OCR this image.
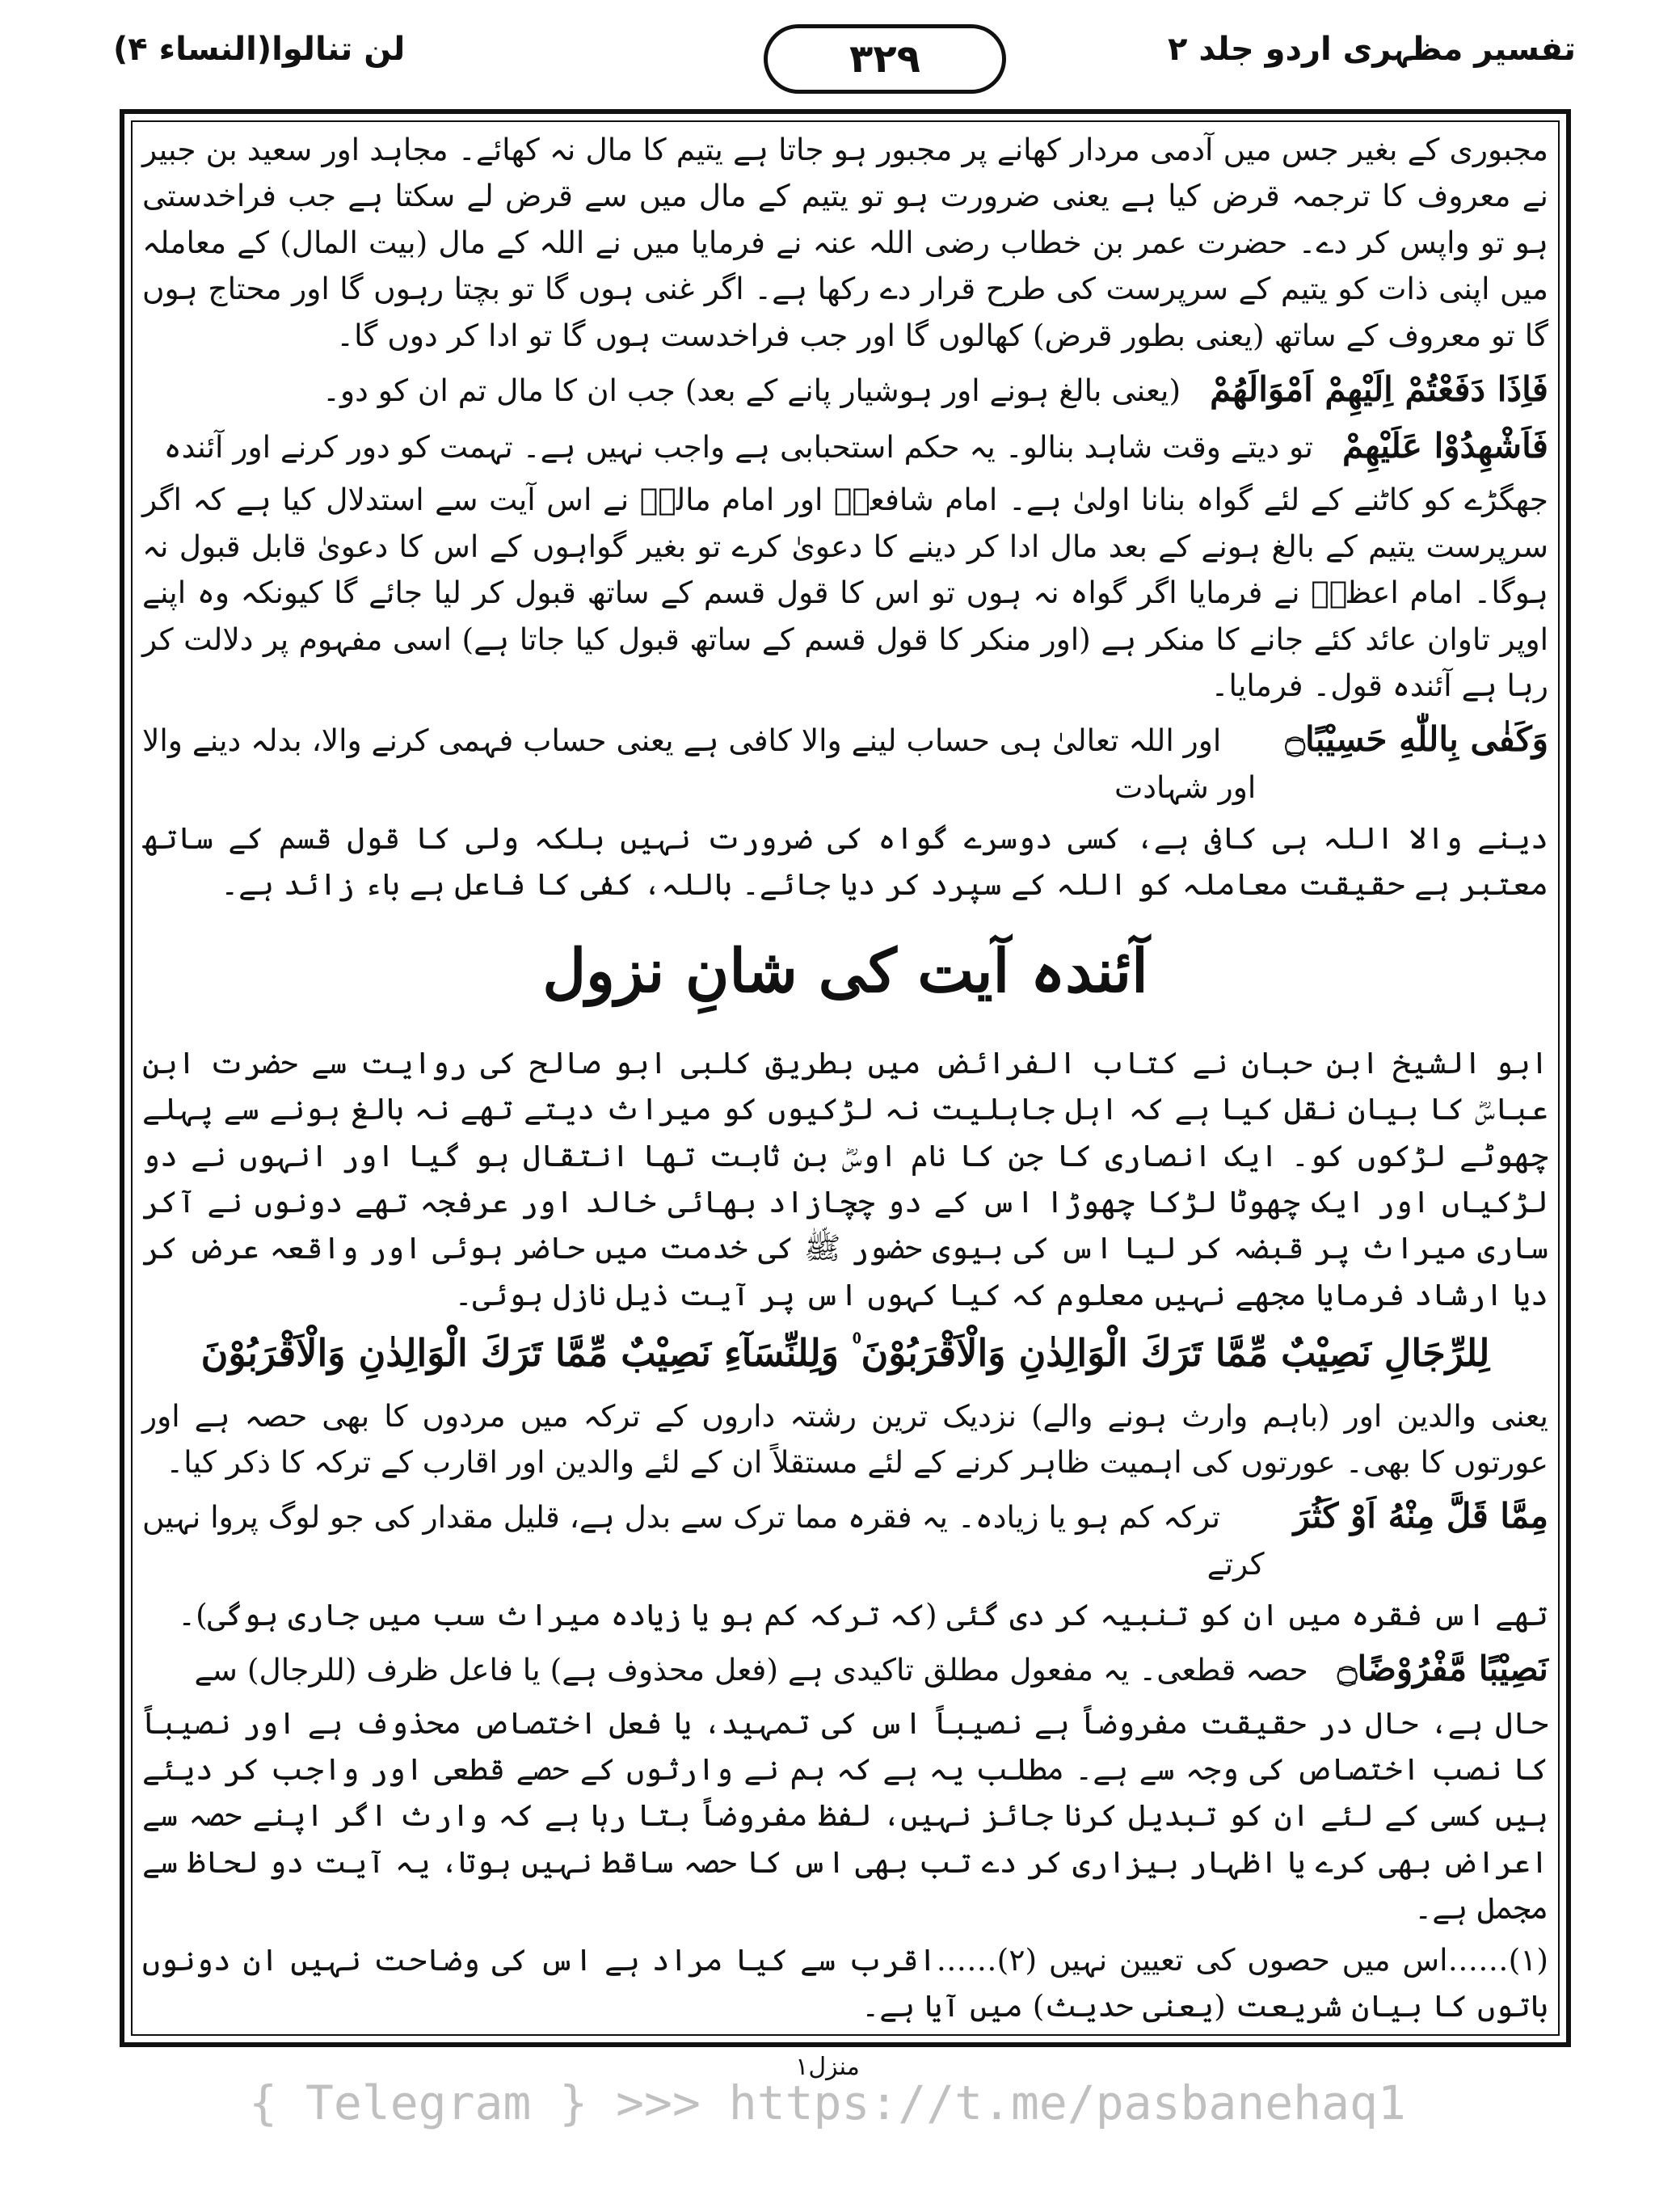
تفسیر مظہری اردو جلد ۲
۳۲۹
لن تنالوا(النساء ۴)

مجبوری کے بغیر جس میں آدمی مردار کھانے پر مجبور ہو جاتا ہے یتیم کا مال نہ کھائے۔ مجاہد اور سعید بن جبیر نے معروف کا ترجمہ قرض کیا ہے یعنی ضرورت ہو تو یتیم کے مال میں سے قرض لے سکتا ہے جب فراخدستی ہو تو واپس کر دے۔ حضرت عمر بن خطاب رضی اللہ عنہ نے فرمایا میں نے اللہ کے مال (بیت المال) کے معاملہ میں اپنی ذات کو یتیم کے سرپرست کی طرح قرار دے رکھا ہے۔ اگر غنی ہوں گا تو بچتا رہوں گا اور محتاج ہوں گا تو معروف کے ساتھ (یعنی بطور قرض) کھالوں گا اور جب فراخدست ہوں گا تو ادا کر دوں گا۔

فَاِذَا دَفَعْتُمْ اِلَيْهِمْ اَمْوَالَهُمْ
(یعنی بالغ ہونے اور ہوشیار پانے کے بعد) جب ان کا مال تم ان کو دو۔

فَاَشْهِدُوْا عَلَيْهِمْ
تو دیتے وقت شاہد بنالو۔ یہ حکم استحبابی ہے واجب نہیں ہے۔ تہمت کو دور کرنے اور آئندہ

جھگڑے کو کاٹنے کے لئے گواہ بنانا اولیٰ ہے۔ امام شافعیؒ اور امام مالکؒ نے اس آیت سے استدلال کیا ہے کہ اگر سرپرست یتیم کے بالغ ہونے کے بعد مال ادا کر دینے کا دعویٰ کرے تو بغیر گواہوں کے اس کا دعویٰ قابل قبول نہ ہوگا۔ امام اعظمؒ نے فرمایا اگر گواہ نہ ہوں تو اس کا قول قسم کے ساتھ قبول کر لیا جائے گا کیونکہ وہ اپنے اوپر تاوان عائد کئے جانے کا منکر ہے (اور منکر کا قول قسم کے ساتھ قبول کیا جاتا ہے) اسی مفہوم پر دلالت کر رہا ہے آئندہ قول۔ فرمایا۔

وَكَفٰى بِاللّٰهِ حَسِيْبًا۝
اور اللہ تعالیٰ ہی حساب لینے والا کافی ہے یعنی حساب فہمی کرنے والا، بدلہ دینے والا اور شہادت

دینے والا اللہ ہی کافی ہے، کسی دوسرے گواہ کی ضرورت نہیں بلکہ ولی کا قول قسم کے ساتھ معتبر ہے حقیقت معاملہ کو اللہ کے سپرد کر دیا جائے۔ باللہ، کفٰی کا فاعل ہے باء زائد ہے۔

آئندہ آیت کی شانِ نزول

ابو الشیخ ابن حبان نے کتاب الفرائض میں بطریق کلبی ابو صالح کی روایت سے حضرت ابن عباسؓ کا بیان نقل کیا ہے کہ اہل جاہلیت نہ لڑکیوں کو میراث دیتے تھے نہ بالغ ہونے سے پہلے چھوٹے لڑکوں کو۔ ایک انصاری کا جن کا نام اوسؓ بن ثابت تھا انتقال ہو گیا اور انہوں نے دو لڑکیاں اور ایک چھوٹا لڑکا چھوڑا اس کے دو چچازاد بھائی خالد اور عرفجہ تھے دونوں نے آکر ساری میراث پر قبضہ کر لیا اس کی بیوی حضور ﷺ کی خدمت میں حاضر ہوئی اور واقعہ عرض کر دیا ارشاد فرمایا مجھے نہیں معلوم کہ کیا کہوں اس پر آیت ذیل نازل ہوئی۔

لِلرِّجَالِ نَصِيْبٌ مِّمَّا تَرَكَ الْوَالِدٰنِ وَالْاَقْرَبُوْنَ ۠ وَلِلنِّسَآءِ نَصِيْبٌ مِّمَّا تَرَكَ الْوَالِدٰنِ وَالْاَقْرَبُوْنَ

یعنی والدین اور (باہم وارث ہونے والے) نزدیک ترین رشتہ داروں کے ترکہ میں مردوں کا بھی حصہ ہے اور عورتوں کا بھی۔ عورتوں کی اہمیت ظاہر کرنے کے لئے مستقلاً ان کے لئے والدین اور اقارب کے ترکہ کا ذکر کیا۔

مِمَّا قَلَّ مِنْهُ اَوْ كَثُرَ
ترکہ کم ہو یا زیادہ۔ یہ فقرہ مما ترک سے بدل ہے، قلیل مقدار کی جو لوگ پروا نہیں کرتے

تھے اس فقرہ میں ان کو تنبیہ کر دی گئی (کہ ترکہ کم ہو یا زیادہ میراث سب میں جاری ہوگی)۔

نَصِيْبًا مَّفْرُوْضًا۝
حصہ قطعی۔ یہ مفعول مطلق تاکیدی ہے (فعل محذوف ہے) یا فاعل ظرف (للرجال) سے

حال ہے، حال در حقیقت مفروضاً ہے نصیباً اس کی تمہید، یا فعل اختصاص محذوف ہے اور نصیباً کا نصب اختصاص کی وجہ سے ہے۔ مطلب یہ ہے کہ ہم نے وارثوں کے حصے قطعی اور واجب کر دیئے ہیں کسی کے لئے ان کو تبدیل کرنا جائز نہیں، لفظ مفروضاً بتا رہا ہے کہ وارث اگر اپنے حصہ سے اعراض بھی کرے یا اظہار بیزاری کر دے تب بھی اس کا حصہ ساقط نہیں ہوتا، یہ آیت دو لحاظ سے مجمل ہے۔

(۱)……اس میں حصوں کی تعیین نہیں (۲)……اقرب سے کیا مراد ہے اس کی وضاحت نہیں ان دونوں باتوں کا بیان شریعت (یعنی حدیث) میں آیا ہے۔

منزل۱
{ Telegram } >>> https://t.me/pasbanehaq1
